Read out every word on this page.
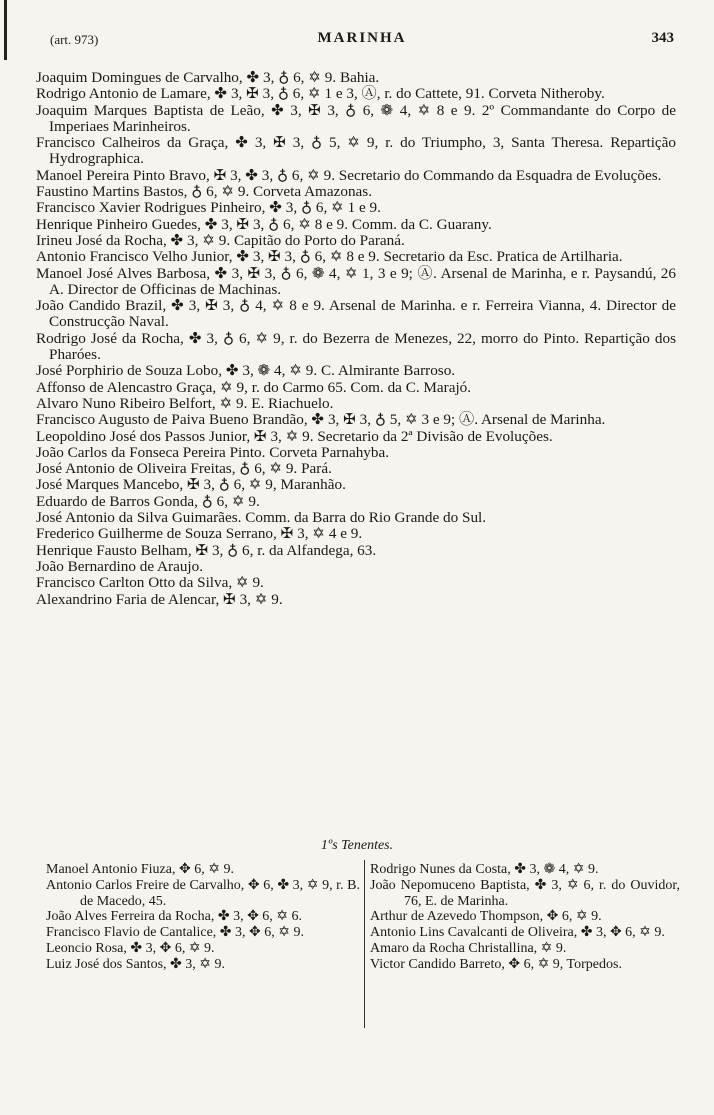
(art. 973)	MARINHA	343

Joaquim Domingues de Carvalho, ✤ 3, ♁ 6, ✡ 9. Bahia.

Rodrigo Antonio de Lamare, ✤ 3, ✠ 3, ♁ 6, ✡ 1 e 3, Ⓐ, r. do Cattete, 91. Corveta Nitheroby.

Joaquim Marques Baptista de Leão, ✤ 3, ✠ 3, ♁ 6, ❁ 4, ✡ 8 e 9. 2º Commandante do Corpo de Imperiaes Marinheiros.

Francisco Calheiros da Graça, ✤ 3, ✠ 3, ♁ 5, ✡ 9, r. do Triumpho, 3, Santa Theresa. Repartição Hydrographica.

Manoel Pereira Pinto Bravo, ✠ 3, ✤ 3, ♁ 6, ✡ 9. Secretario do Commando da Esquadra de Evoluções.

Faustino Martins Bastos, ♁ 6, ✡ 9. Corveta Amazonas.

Francisco Xavier Rodrigues Pinheiro, ✤ 3, ♁ 6, ✡ 1 e 9.

Henrique Pinheiro Guedes, ✤ 3, ✠ 3, ♁ 6, ✡ 8 e 9. Comm. da C. Guarany.

Irineu José da Rocha, ✤ 3, ✡ 9. Capitão do Porto do Paraná.

Antonio Francisco Velho Junior, ✤ 3, ✠ 3, ♁ 6, ✡ 8 e 9. Secretario da Esc. Pratica de Artilharia.

Manoel José Alves Barbosa, ✤ 3, ✠ 3, ♁ 6, ❁ 4, ✡ 1, 3 e 9; Ⓐ. Arsenal de Marinha, e r. Paysandú, 26 A. Director de Officinas de Machinas.

João Candido Brazil, ✤ 3, ✠ 3, ♁ 4, ✡ 8 e 9. Arsenal de Marinha. e r. Ferreira Vianna, 4. Director de Construcção Naval.

Rodrigo José da Rocha, ✤ 3, ♁ 6, ✡ 9, r. do Bezerra de Menezes, 22, morro do Pinto. Repartição dos Pharóes.

José Porphirio de Souza Lobo, ✤ 3, ❁ 4, ✡ 9. C. Almirante Barroso.

Affonso de Alencastro Graça, ✡ 9, r. do Carmo 65. Com. da C. Marajó.

Alvaro Nuno Ribeiro Belfort, ✡ 9. E. Riachuelo.

Francisco Augusto de Paiva Bueno Brandão, ✤ 3, ✠ 3, ♁ 5, ✡ 3 e 9; Ⓐ. Arsenal de Marinha.

Leopoldino José dos Passos Junior, ✠ 3, ✡ 9. Secretario da 2ª Divisão de Evoluções.

João Carlos da Fonseca Pereira Pinto. Corveta Parnahyba.

José Antonio de Oliveira Freitas, ♁ 6, ✡ 9. Pará.

José Marques Mancebo, ✠ 3, ♁ 6, ✡ 9, Maranhão.

Eduardo de Barros Gonda, ♁ 6, ✡ 9.

José Antonio da Silva Guimarães. Comm. da Barra do Rio Grande do Sul.

Frederico Guilherme de Souza Serrano, ✠ 3, ✡ 4 e 9.

Henrique Fausto Belham, ✠ 3, ♁ 6, r. da Alfandega, 63.

João Bernardino de Araujo.

Francisco Carlton Otto da Silva, ✡ 9.

Alexandrino Faria de Alencar, ✠ 3, ✡ 9.

1ºs Tenentes.

Manoel Antonio Fiuza, ✥ 6, ✡ 9.

Antonio Carlos Freire de Carvalho, ✥ 6, ✤ 3, ✡ 9, r. B. de Macedo, 45.

João Alves Ferreira da Rocha, ✤ 3, ✥ 6, ✡ 6.

Francisco Flavio de Cantalice, ✤ 3, ✥ 6, ✡ 9.

Leoncio Rosa, ✤ 3, ✥ 6, ✡ 9.

Luiz José dos Santos, ✤ 3, ✡ 9.

Rodrigo Nunes da Costa, ✤ 3, ❁ 4, ✡ 9.

João Nepomuceno Baptista, ✤ 3, ✡ 6, r. do Ouvidor, 76, E. de Marinha.

Arthur de Azevedo Thompson, ✥ 6, ✡ 9.

Antonio Lins Cavalcanti de Oliveira, ✤ 3, ✥ 6, ✡ 9.

Amaro da Rocha Christallina, ✡ 9.

Victor Candido Barreto, ✥ 6, ✡ 9, Torpedos.
